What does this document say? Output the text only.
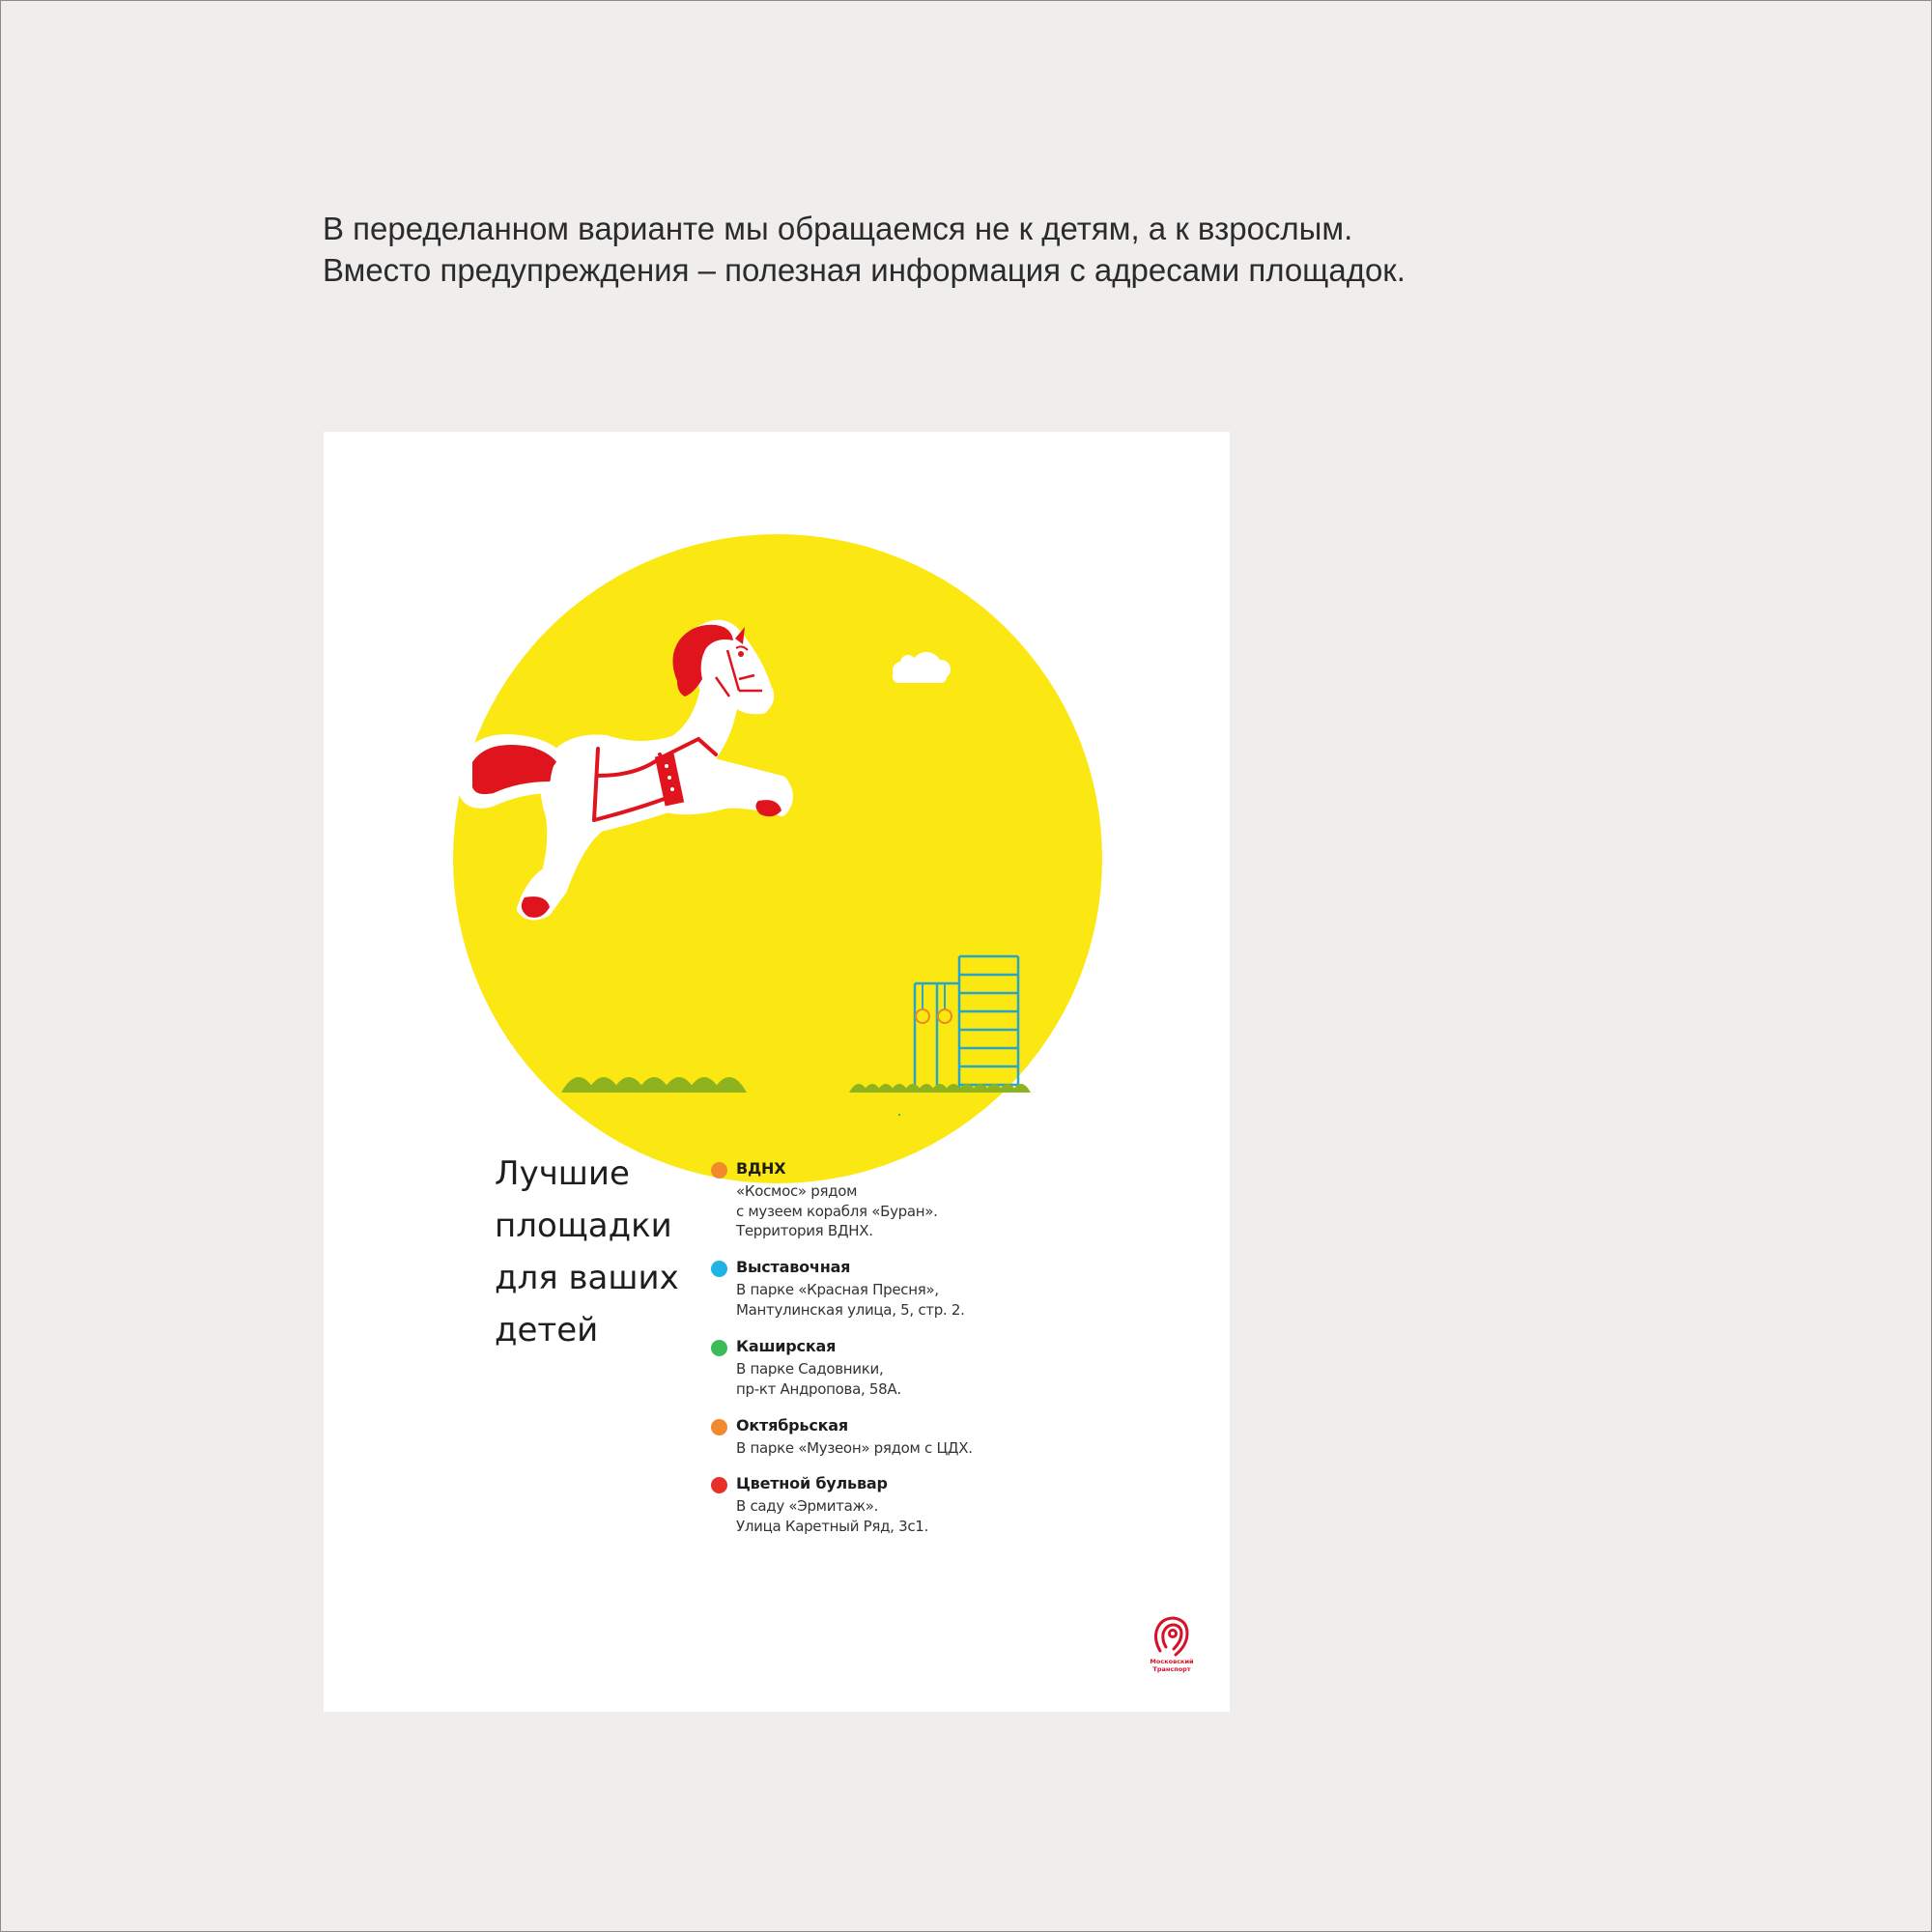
В переделанном варианте мы обращаемся не к детям, а к взрослым.
Вместо предупреждения – полезная информация с адресами площадок.
Лучшие
площадки
для ваших
детей
ВДНХ
«Космос» рядом
с музеем корабля «Буран».
Территория ВДНХ.
Выставочная
В парке «Красная Пресня»,
Мантулинская улица, 5, стр. 2.
Каширская
В парке Садовники,
пр-кт Андропова, 58А.
Октябрьская
В парке «Музеон» рядом с ЦДХ.
Цветной бульвар
В саду «Эрмитаж».
Улица Каретный Ряд, 3с1.
Московский
Транспорт
